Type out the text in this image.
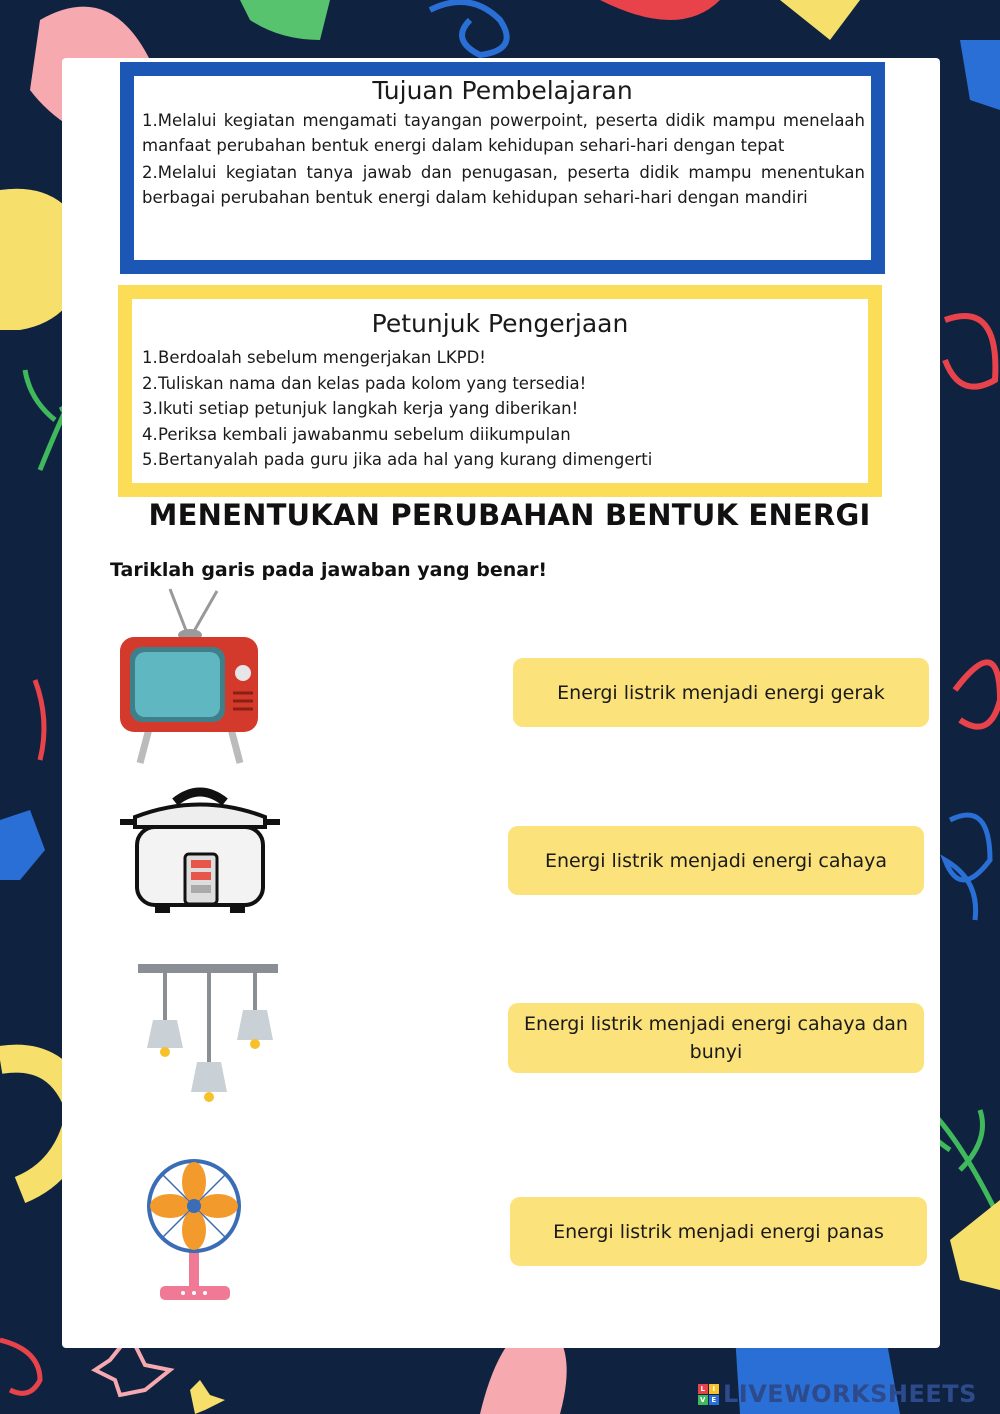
Tujuan Pembelajaran
1.Melalui kegiatan mengamati tayangan powerpoint, peserta didik mampu menelaah manfaat perubahan bentuk energi dalam kehidupan sehari-hari dengan tepat
2.Melalui kegiatan tanya jawab dan penugasan, peserta didik mampu menentukan berbagai perubahan bentuk energi dalam kehidupan sehari-hari dengan mandiri
Petunjuk Pengerjaan
1.Berdoalah sebelum mengerjakan LKPD!
2.Tuliskan nama dan kelas pada kolom yang tersedia!
3.Ikuti setiap petunjuk langkah kerja yang diberikan!
4.Periksa kembali jawabanmu sebelum diikumpulan
5.Bertanyalah pada guru jika ada hal yang kurang dimengerti
MENENTUKAN PERUBAHAN BENTUK ENERGI

Tariklah garis pada jawaban yang benar!

Energi listrik menjadi energi gerak
Energi listrik menjadi energi cahaya
Energi listrik menjadi energi cahaya dan bunyi
Energi listrik menjadi energi panas
L I
V E LIVEWORKSHEETS
